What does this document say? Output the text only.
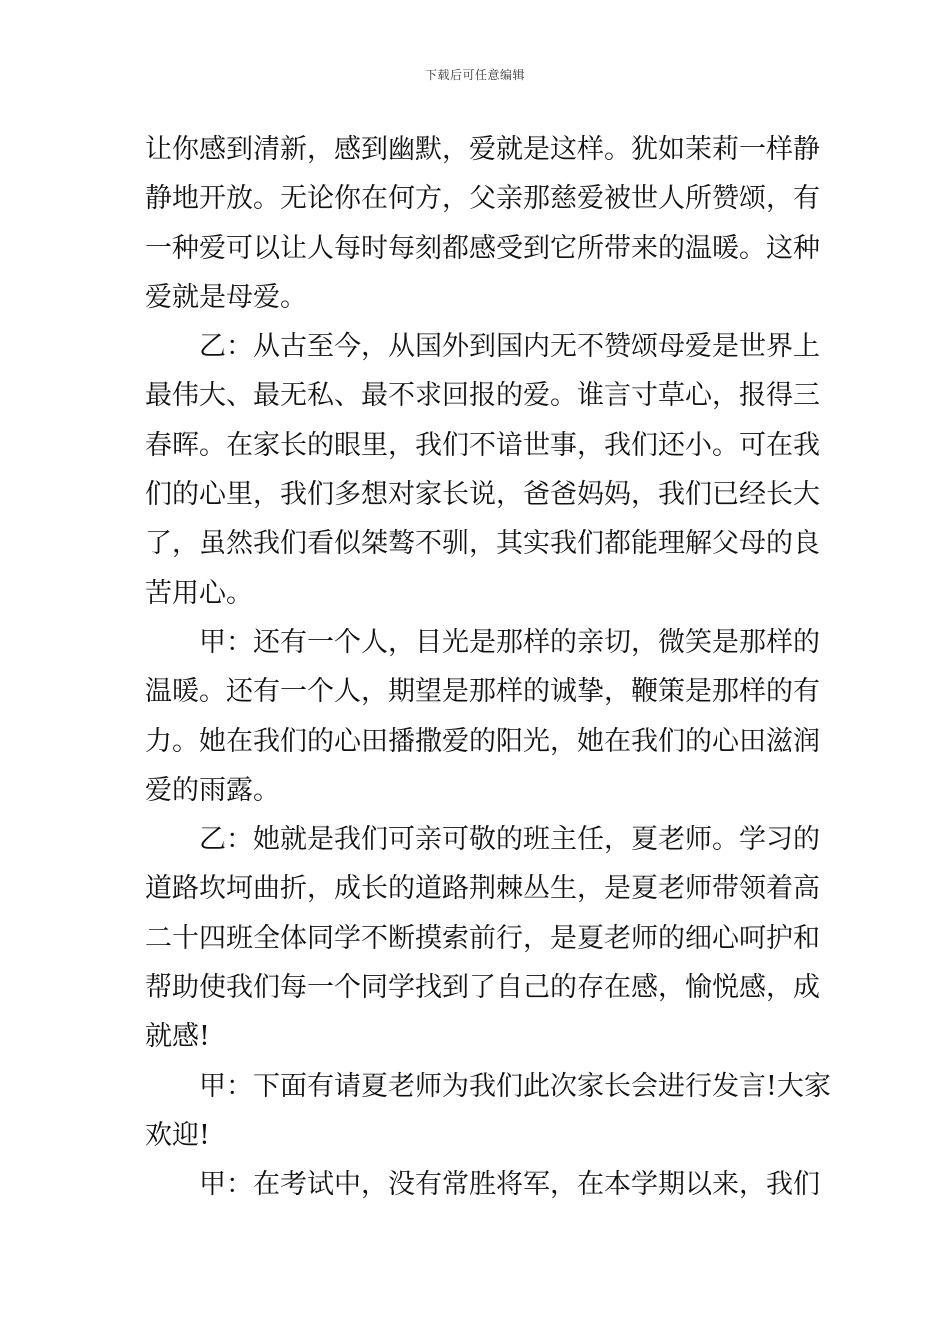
下载后可任意编辑
让你感到清新，感到幽默，爱就是这样。犹如茉莉一样静
静地开放。无论你在何方，父亲那慈爱被世人所赞颂，有
一种爱可以让人每时每刻都感受到它所带来的温暖。这种
爱就是母爱。
乙：从古至今，从国外到国内无不赞颂母爱是世界上
最伟大、最无私、最不求回报的爱。谁言寸草心，报得三
春晖。在家长的眼里，我们不谙世事，我们还小。可在我
们的心里，我们多想对家长说，爸爸妈妈，我们已经长大
了，虽然我们看似桀骜不驯，其实我们都能理解父母的良
苦用心。
甲：还有一个人，目光是那样的亲切，微笑是那样的
温暖。还有一个人，期望是那样的诚挚，鞭策是那样的有
力。她在我们的心田播撒爱的阳光，她在我们的心田滋润
爱的雨露。
乙：她就是我们可亲可敬的班主任，夏老师。学习的
道路坎坷曲折，成长的道路荆棘丛生，是夏老师带领着高
二十四班全体同学不断摸索前行，是夏老师的细心呵护和
帮助使我们每一个同学找到了自己的存在感，愉悦感，成
就感!
甲：下面有请夏老师为我们此次家长会进行发言!大家
欢迎!
甲：在考试中，没有常胜将军，在本学期以来，我们
